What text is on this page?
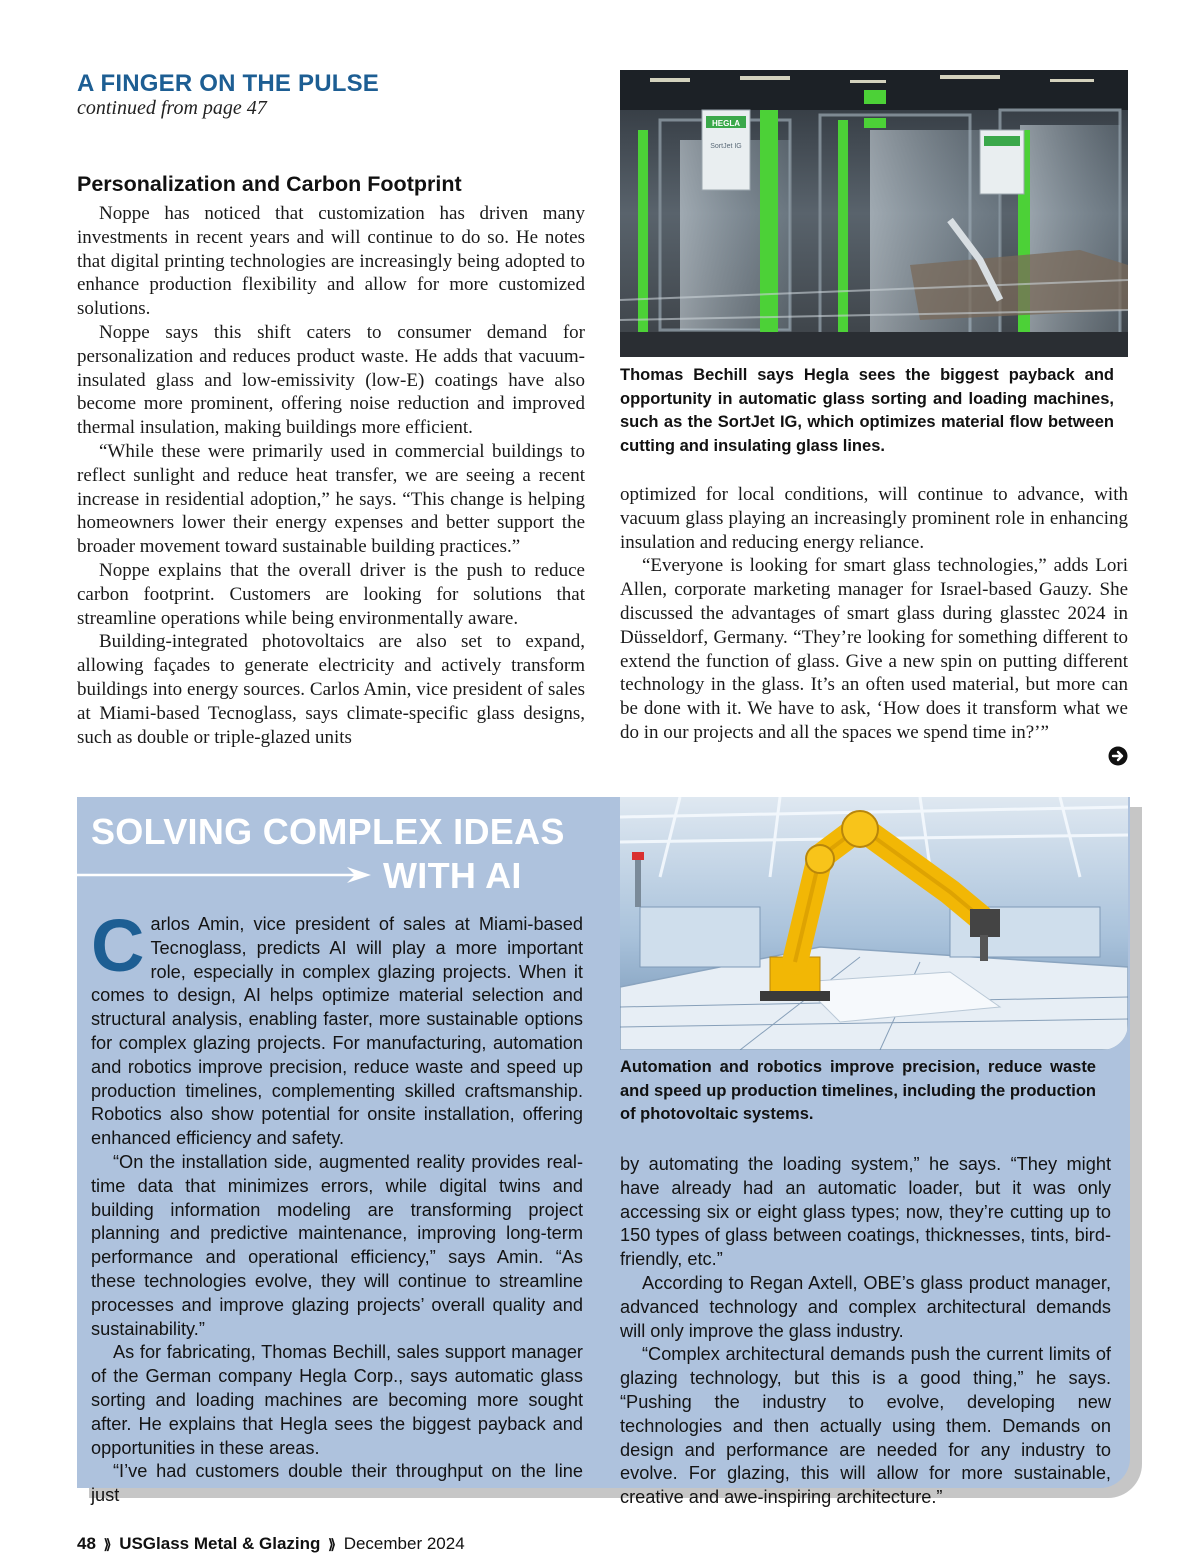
A FINGER ON THE PULSE
continued from page 47
Personalization and Carbon Footprint

Noppe has noticed that customization has driven many investments in recent years and will continue to do so. He notes that digital printing technologies are increasingly being adopted to enhance production flexibility and allow for more customized solutions.

Noppe says this shift caters to consumer demand for personalization and reduces product waste. He adds that vacuum-insulated glass and low-emissivity (low-E) coatings have also become more prominent, offering noise reduction and improved thermal insulation, making buildings more efficient.

“While these were primarily used in commercial buildings to reflect sunlight and reduce heat transfer, we are seeing a recent increase in residential adoption,” he says. “This change is helping homeowners lower their energy expenses and better support the broader movement toward sustainable building practices.”

Noppe explains that the overall driver is the push to reduce carbon footprint. Customers are looking for solutions that streamline operations while being environmentally aware.

Building-integrated photovoltaics are also set to expand, allowing façades to generate electricity and actively transform buildings into energy sources. Carlos Amin, vice president of sales at Miami-based Tecnoglass, says climate-specific glass designs, such as double or triple-glazed units

HEGLA
SortJet IG
Thomas Bechill says Hegla sees the biggest payback and opportunity in automatic glass sorting and loading machines, such as the SortJet IG, which optimizes material flow between cutting and insulating glass lines.

optimized for local conditions, will continue to advance, with vacuum glass playing an increasingly prominent role in enhancing insulation and reducing energy reliance.

“Everyone is looking for smart glass technologies,” adds Lori Allen, corporate marketing manager for Israel-based Gauzy. She discussed the advantages of smart glass during glasstec 2024 in Düsseldorf, Germany. “They’re looking for something different to extend the function of glass. Give a new spin on putting different technology in the glass. It’s an often used material, but more can be done with it. We have to ask, ‘How does it transform what we do in our projects and all the spaces we spend time in?’”

SOLVING COMPLEX IDEAS
WITH AI

Carlos Amin, vice president of sales at Miami-based Tecnoglass, predicts AI will play a more important role, especially in complex glazing projects. When it comes to design, AI helps optimize material selection and structural analysis, enabling faster, more sustainable options for complex glazing projects. For manufacturing, automation and robotics improve precision, reduce waste and speed up production timelines, complementing skilled craftsmanship. Robotics also show potential for onsite installation, offering enhanced efficiency and safety.

“On the installation side, augmented reality provides real-time data that minimizes errors, while digital twins and building information modeling are transforming project planning and predictive maintenance, improving long-term performance and operational efficiency,” says Amin. “As these technologies evolve, they will continue to streamline processes and improve glazing projects’ overall quality and sustainability.”

As for fabricating, Thomas Bechill, sales support manager of the German company Hegla Corp., says automatic glass sorting and loading machines are becoming more sought after. He explains that Hegla sees the biggest payback and opportunities in these areas.

“I’ve had customers double their throughput on the line just

Automation and robotics improve precision, reduce waste and speed up production timelines, including the production of photovoltaic systems.

by automating the loading system,” he says. “They might have already had an automatic loader, but it was only accessing six or eight glass types; now, they’re cutting up to 150 types of glass between coatings, thicknesses, tints, bird-friendly, etc.”

According to Regan Axtell, OBE’s glass product manager, advanced technology and complex architectural demands will only improve the glass industry.

“Complex architectural demands push the current limits of glazing technology, but this is a good thing,” he says. “Pushing the industry to evolve, developing new technologies and then actually using them. Demands on design and performance are needed for any industry to evolve. For glazing, this will allow for more sustainable, creative and awe-inspiring architecture.”

48 ⟫ USGlass Metal & Glazing ⟫ December 2024
